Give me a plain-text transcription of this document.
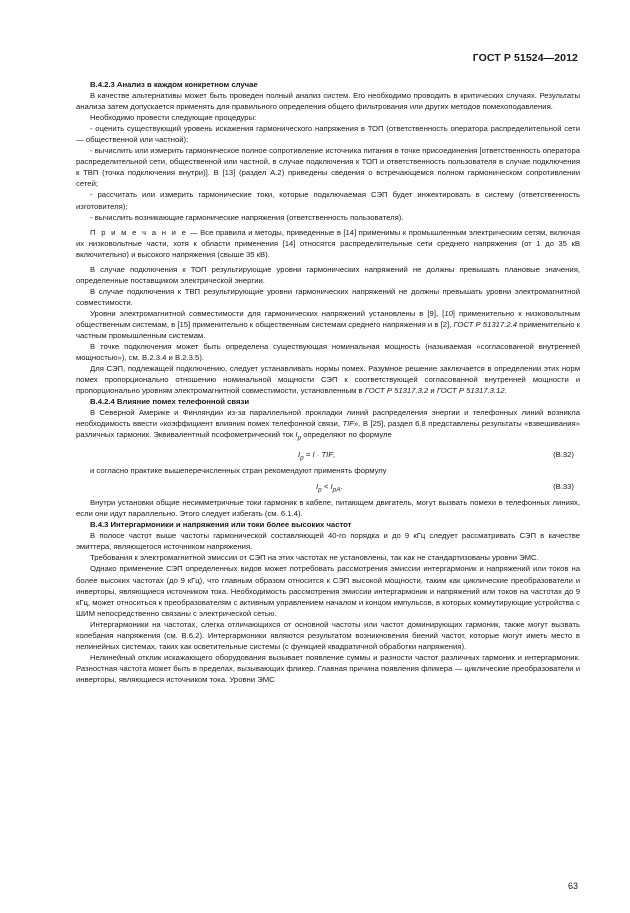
ГОСТ Р 51524—2012

В.4.2.3 Анализ в каждом конкретном случае

В качестве альтернативы может быть проведен полный анализ систем. Его необходимо проводить в критических случаях. Результаты анализа затем допускается применять для правильного определения общего фильтрования или других методов помехоподавления.

Необходимо провести следующие процедуры:

- оценить существующий уровень искажения гармонического напряжения в ТОП (ответственность оператора распределительной сети — общественной или частной);

- вычислить или измерить гармоническое полное сопротивление источника питания в точке присоединения [ответственность оператора распределительной сети, общественной или частной, в случае подключения к ТОП и ответственность пользователя в случае подключения к ТВП (точка подключения внутри)]. В [13] (раздел А.2) приведены сведения о встречающемся полном гармоническом сопротивлении сетей;

- рассчитать или измерить гармонические токи, которые подключаемая СЭП будет инжектировать в систему (ответственность изготовителя);

- вычислить возникающие гармонические напряжения (ответственность пользователя).

П р и м е ч а н и е — Все правила и методы, приведенные в [14] применимы к промышленным электрическим сетям, включая их низковольтные части, хотя к области применения [14] относятся распределительные сети среднего напряжения (от 1 до 35 кВ включительно) и высокого напряжения (свыше 35 кВ).

В случае подключения к ТОП результирующие уровни гармонических напряжений не должны превышать плановые значения, определенные поставщиком электрической энергии.

В случае подключения к ТВП результирующие уровни гармонических напряжений не должны превышать уровни электромагнитной совместимости.

Уровни электромагнитной совместимости для гармонических напряжений установлены в [9], [10] применительно к низковольтным общественным системам, в [15] применительно к общественным системам среднего напряжения и в [2], ГОСТ Р 51317.2.4 применительно к частным промышленным системам.

В точке подключения может быть определена существующая номинальная мощность (называемая «согласованной внутренней мощностью»), см. В.2.3.4 и В.2.3.5).

Для СЭП, подлежащей подключению, следует устанавливать нормы помех. Разумное решение заключается в определении этих норм помех пропорционально отношению номинальной мощности СЭП к соответствующей согласованной внутренней мощности и пропорционально уровням электромагнитной совместимости, установленным в ГОСТ Р 51317.3.2 и ГОСТ Р 51317.3.12.

В.4.2.4 Влияние помех телефонной связи

В Северной Америке и Финляндии из-за параллельной прокладки линий распределения энергии и телефонных линий возникла необходимость ввести «коэффициент влияния помех телефонной связи, TIF». В [25], раздел 6.8 представлены результаты «взвешивания» различных гармоник. Эквивалентный псофометрический ток $I_p$ определяют по формуле

$I_p = I$ · TIF,	(В.32)

и согласно практике вышеперечисленных стран рекомендуют применять формулу

$I_p < I_{pA}$.	(В.33)

Внутри установки общие несимметричные токи гармоник в кабеле, питающем двигатель, могут вызвать помехи в телефонных линиях, если они идут параллельно. Этого следует избегать (см. 6.1.4).

В.4.3 Интергармоники и напряжения или токи более высоких частот

В полосе частот выше частоты гармонической составляющей 40-го порядка и до 9 кГц следует рассматривать СЭП в качестве эмиттера, являющегося источником напряжения.

Требования к электромагнитной эмиссии от СЭП на этих частотах не установлены, так как не стандартизованы уровни ЭМС.

Однако применение СЭП определенных видов может потребовать рассмотрения эмиссии интергармоник и напряжений или токов на более высоких частотах (до 9 кГц), что главным образом относится к СЭП высокой мощности, таким как циклические преобразователи и инверторы, являющиеся источником тока. Необходимость рассмотрения эмиссии интергармоник и напряжений или токов на частотах до 9 кГц, может относиться к преобразователям с активным управлением началом и концом импульсов, в которых коммутирующие устройства с ШИМ непосредственно связаны с электрической сетью.

Интергармоники на частотах, слегка отличающихся от основной частоты или частот доминирующих гармоник, также могут вызвать колебания напряжения (см. В.6.2). Интергармоники являются результатом возникновения биений частот, которые могут иметь место в нелинейных системах, таких как осветительные системы (с функцией квадратичной обработки напряжения).

Нелинейный отклик искажающего оборудования вызывает появление суммы и разности частот различных гармоник и интергармоник. Разностная частота может быть в пределах, вызывающих фликер. Главная причина появления фликера — циклические преобразователи и инверторы, являющиеся источником тока. Уровни ЭМС

63
